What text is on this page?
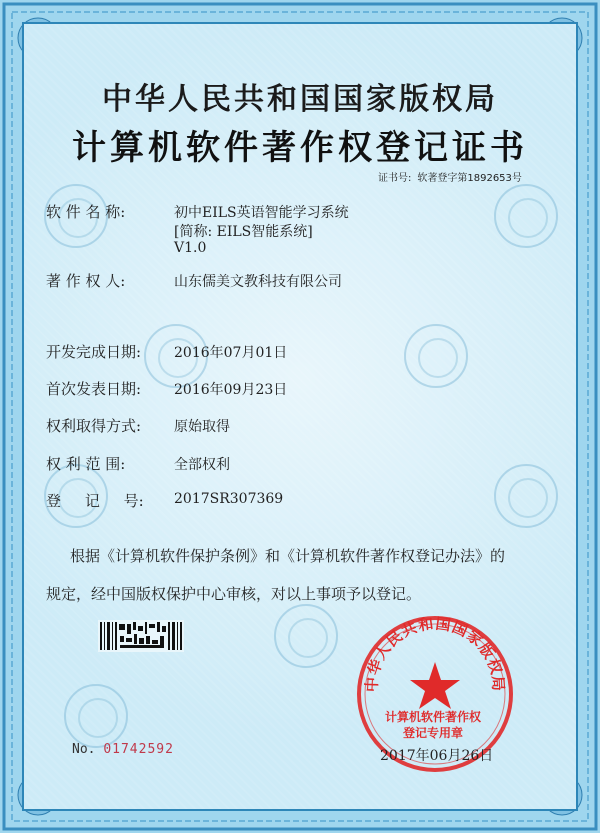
中华人民共和国国家版权局
计算机软件著作权登记证书
证书号: 软著登字第1892653号
软 件 名 称:	初中EILS英语智能学习系统
[简称: EILS智能系统]
V1.0
著 作 权 人:	山东儒美文教科技有限公司
开发完成日期: 2016年07月01日
首次发表日期: 2016年09月23日
权利取得方式: 原始取得
权 利 范 围:	全部权利
登     记     号: 2017SR307369
根据《计算机软件保护条例》和《计算机软件著作权登记办法》的
规定，经中国版权保护中心审核，对以上事项予以登记。
No. 01742592
中华人民共和国国家版权局
计算机软件著作权
登记专用章
2017年06月26日
